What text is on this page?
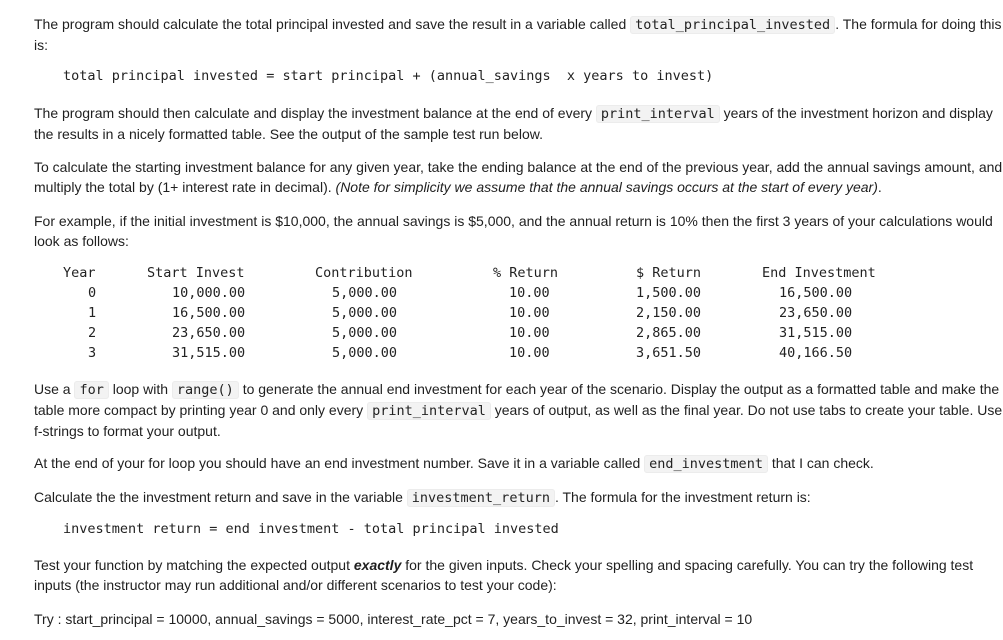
The program should calculate the total principal invested and save the result in a variable called total_principal_invested . The formula for doing this is:

total principal invested = start principal + (annual_savings  x years to invest)

The program should then calculate and display the investment balance at the end of every print_interval years of the investment horizon and display the results in a nicely formatted table. See the output of the sample test run below.

To calculate the starting investment balance for any given year, take the ending balance at the end of the previous year, add the annual savings amount, and multiply the total by (1+ interest rate in decimal). (Note for simplicity we assume that the annual savings occurs at the start of every year).

For example, if the initial investment is $10,000, the annual savings is $5,000, and the annual return is 10% then the first 3 years of your calculations would look as follows:

Year	Start Invest	Contribution	% Return	$ Return	End Investment
0	10,000.00	5,000.00	10.00	1,500.00	16,500.00
1	16,500.00	5,000.00	10.00	2,150.00	23,650.00
2	23,650.00	5,000.00	10.00	2,865.00	31,515.00
3	31,515.00	5,000.00	10.00	3,651.50	40,166.50

Use a for loop with range() to generate the annual end investment for each year of the scenario. Display the output as a formatted table and make the table more compact by printing year 0 and only every print_interval years of output, as well as the final year. Do not use tabs to create your table. Use f-strings to format your output.

At the end of your for loop you should have an end investment number. Save it in a variable called end_investment that I can check.

Calculate the the investment return and save in the variable investment_return . The formula for the investment return is:

investment return = end investment - total principal invested

Test your function by matching the expected output exactly for the given inputs. Check your spelling and spacing carefully. You can try the following test inputs (the instructor may run additional and/or different scenarios to test your code):

Try : start_principal = 10000, annual_savings = 5000, interest_rate_pct = 7, years_to_invest = 32, print_interval = 10
